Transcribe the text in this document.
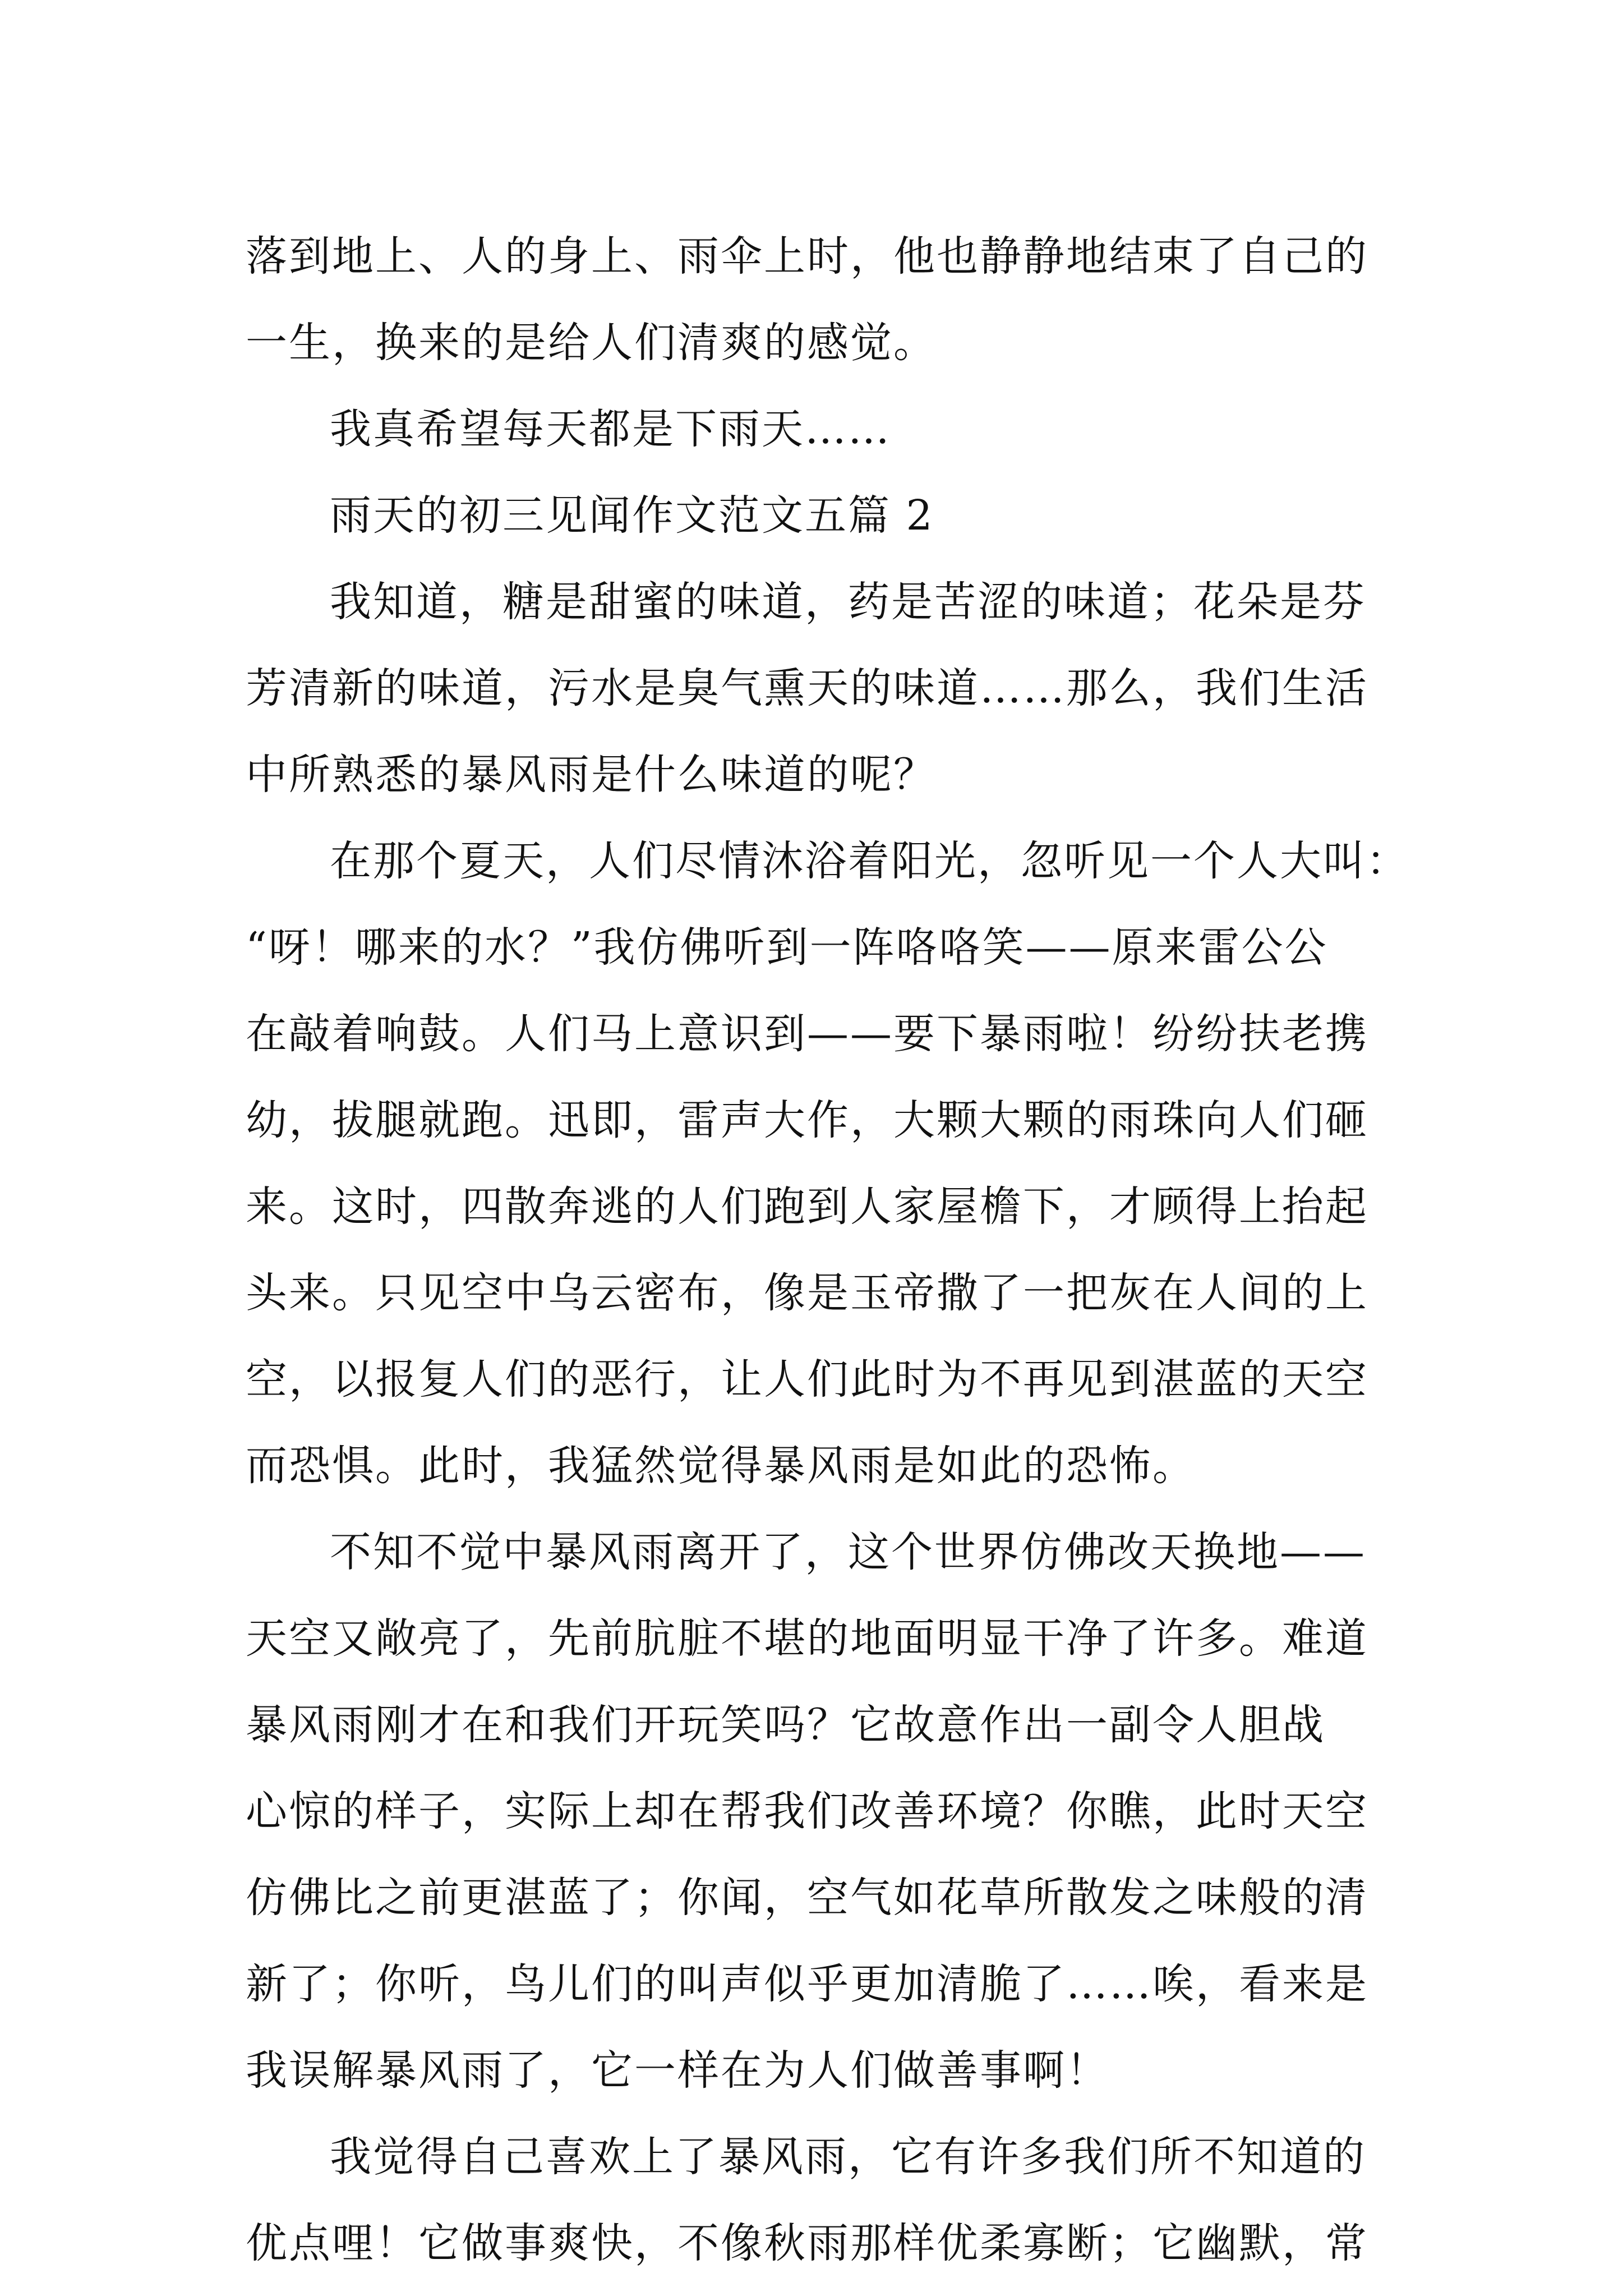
落到地上、人的身上、雨伞上时，他也静静地结束了自己的
一生，换来的是给人们清爽的感觉。
我真希望每天都是下雨天……
雨天的初三见闻作文范文五篇 2
我知道，糖是甜蜜的味道，药是苦涩的味道；花朵是芬
芳清新的味道，污水是臭气熏天的味道……那么，我们生活
中所熟悉的暴风雨是什么味道的呢？
在那个夏天，人们尽情沐浴着阳光，忽听见一个人大叫：
“呀！哪来的水？”我仿佛听到一阵咯咯笑——原来雷公公
在敲着响鼓。人们马上意识到——要下暴雨啦！纷纷扶老携
幼，拔腿就跑。迅即，雷声大作，大颗大颗的雨珠向人们砸
来。这时，四散奔逃的人们跑到人家屋檐下，才顾得上抬起
头来。只见空中乌云密布，像是玉帝撒了一把灰在人间的上
空，以报复人们的恶行，让人们此时为不再见到湛蓝的天空
而恐惧。此时，我猛然觉得暴风雨是如此的恐怖。
不知不觉中暴风雨离开了，这个世界仿佛改天换地——
天空又敞亮了，先前肮脏不堪的地面明显干净了许多。难道
暴风雨刚才在和我们开玩笑吗？它故意作出一副令人胆战
心惊的样子，实际上却在帮我们改善环境？你瞧，此时天空
仿佛比之前更湛蓝了；你闻，空气如花草所散发之味般的清
新了；你听，鸟儿们的叫声似乎更加清脆了……唉，看来是
我误解暴风雨了，它一样在为人们做善事啊！
我觉得自己喜欢上了暴风雨，它有许多我们所不知道的
优点哩！它做事爽快，不像秋雨那样优柔寡断；它幽默，常
